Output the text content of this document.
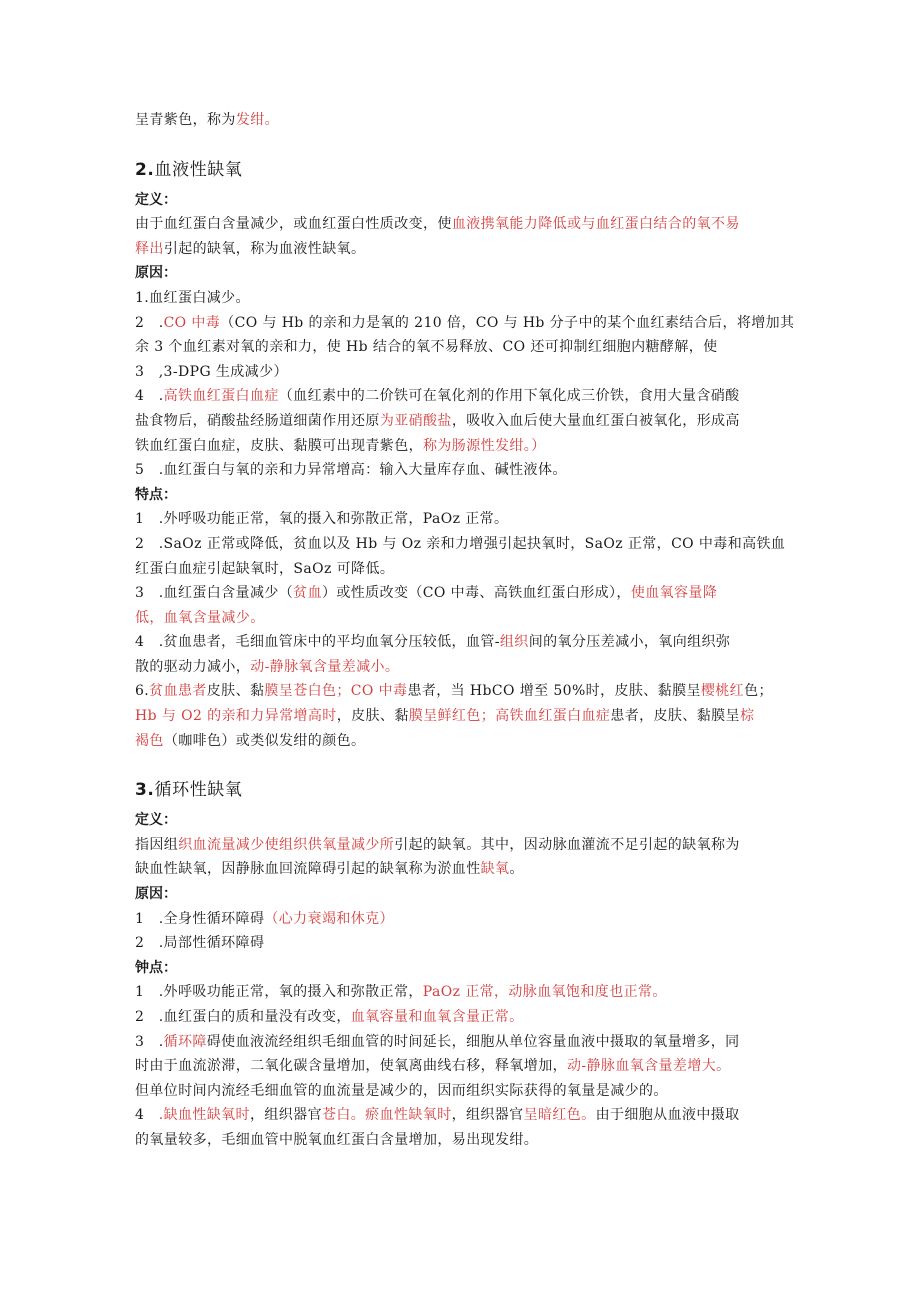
呈青紫色，称为发绀。
2.血液性缺氧
定义：
由于血红蛋白含量减少，或血红蛋白性质改变，使血液携氧能力降低或与血红蛋白结合的氧不易
释出引起的缺氧，称为血液性缺氧。
原因：
1.血红蛋白减少。
2　.CO 中毒（CO 与 Hb 的亲和力是氧的 210 倍，CO 与 Hb 分子中的某个血红素结合后，将增加其
余 3 个血红素对氧的亲和力，使 Hb 结合的氧不易释放、CO 还可抑制红细胞内糖酵解，使
3　,3-DPG 生成减少）
4　.高铁血红蛋白血症（血红素中的二价铁可在氧化剂的作用下氧化成三价铁，食用大量含硝酸
盐食物后，硝酸盐经肠道细菌作用还原为亚硝酸盐，吸收入血后使大量血红蛋白被氧化，形成高
铁血红蛋白血症，皮肤、黏膜可出现青紫色，称为肠源性发绀。）
5　.血红蛋白与氧的亲和力异常增高：输入大量库存血、碱性液体。
特点：
1　.外呼吸功能正常，氧的摄入和弥散正常，PaOz 正常。
2　.SaOz 正常或降低，贫血以及 Hb 与 Oz 亲和力增强引起抉氧时，SaOz 正常，CO 中毒和高铁血
红蛋白血症引起缺氧时，SaOz 可降低。
3　.血红蛋白含量减少（贫血）或性质改变（CO 中毒、高铁血红蛋白形成），使血氧容量降
低，血氧含量减少。
4　.贫血患者，毛细血管床中的平均血氧分压较低，血管-组织间的氧分压差减小，氧向组织弥
散的驱动力减小，动-静脉氧含量差减小。
6.贫血患者皮肤、黏膜呈苍白色；CO 中毒患者，当 HbCO 增至 50%时，皮肤、黏膜呈樱桃红色；
Hb 与 O2 的亲和力异常增高时，皮肤、黏膜呈鲜红色；高铁血红蛋白血症患者，皮肤、黏膜呈棕
褐色（咖啡色）或类似发绀的颜色。
3.循环性缺氧
定义：
指因组织血流量减少使组织供氧量减少所引起的缺氧。其中，因动脉血灌流不足引起的缺氧称为
缺血性缺氧，因静脉血回流障碍引起的缺氧称为淤血性缺氧。
原因：
1　.全身性循环障碍（心力衰竭和休克）
2　.局部性循环障碍
钟点：
1　.外呼吸功能正常，氧的摄入和弥散正常，PaOz 正常，动脉血氧饱和度也正常。
2　.血红蛋白的质和量没有改变，血氧容量和血氧含量正常。
3　.循环障碍使血液流经组织毛细血管的时间延长，细胞从单位容量血液中摄取的氧量增多，同
时由于血流淤滞，二氧化碳含量增加，使氧离曲线右移，释氧增加，动-静脉血氧含量差增大。
但单位时间内流经毛细血管的血流量是减少的，因而组织实际获得的氧量是减少的。
4　.缺血性缺氧时，组织器官苍白。瘀血性缺氧时，组织器官呈暗红色。由于细胞从血液中摄取
的氧量较多，毛细血管中脱氧血红蛋白含量增加，易出现发绀。
